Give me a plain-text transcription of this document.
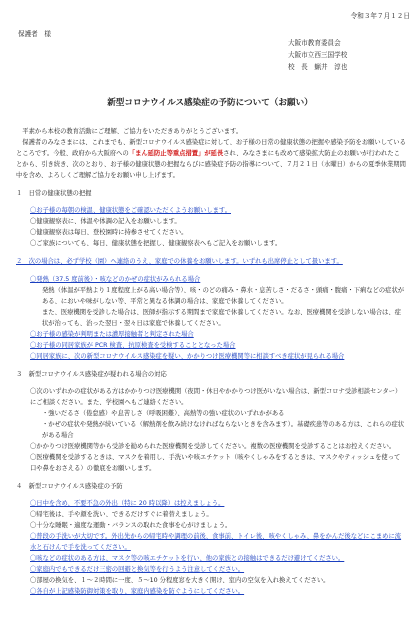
令和３年７月１２日
保護者　様
大阪市教育委員会
大阪市立西三国学校
校　長　蝋井　淳也
新型コロナウイルス感染症の予防について（お願い）

平素から本校の教育活動にご理解、ご協力をいただきありがとうございます。

保護者のみなさまには、これまでも、新型コロナウイルス感染症に対して、お子様の日常の健康状態の把握や感染予防をお願いしているところです。今般、政府から大阪府への「まん延防止等重点措置」が延長され、みなさまにも改めて感染拡大防止のお願いが行われたことから、引き続き、次のとおり、お子様の健康状態の把握ならびに感染症予防の指導について、７月２１日（水曜日）からの夏季休業期間中を含め、よろしくご理解ご協力をお願い申し上げます。

１　日常の健康状態の把握

〇お子様の毎朝の検温、健康状態をご確認いただくようお願いします。

〇健康観察表に、体温や体調の記入をお願いします。

〇健康観察表は毎日、登校園時に持参させてください。

〇ご家族についても、毎日、健康状態を把握し、健康観察表へもご記入をお願いします。

２　次の場合は、必ず学校（園）へ連絡のうえ、家庭での休養をお願いします。いずれも出席停止として扱います。

〇発熱（37.5 度前後）・咳などのかぜの症状がみられる場合

発熱（体温が平熱より１度程度上がる高い場合等）、咳・のどの痛み・鼻水・息苦しさ・だるさ・頭痛・腹痛・下痢などの症状がある、においや味がしない等、平常と異なる体調の場合は、家庭で休養してください。

また、医療機関を受診した場合は、医師が指示する期間まで家庭で休養してください。なお、医療機関を受診しない場合は、症状が治っても、治った翌日・翌々日は家庭で休養してください。

〇お子様の感染が判明または濃厚接触者と判定された場合

〇お子様の同居家族が PCR 検査、抗原検査を受検することとなった場合

〇同居家族に、次の新型コロナウイルス感染症を疑い、かかりつけ医療機関等に相談すべき症状が見られる場合

３　新型コロナウイルス感染症が疑われる場合の対応

〇次のいずれかの症状がある方はかかりつけ医療機関（夜間・休日やかかりつけ医がいない場合は、新型コロナ受診相談センター）にご相談ください。また、学校園へもご連絡ください。

・強いだるさ（倦怠感）や息苦しさ（呼吸困難）、高熱等の強い症状のいずれかがある

・かぜの症状や発熱が続いている（解熱剤を飲み続けなければならないときを含みます）。基礎疾患等のある方は、これらの症状がある場合

〇かかりつけ医療機関等から受診を勧められた医療機関を受診してください。複数の医療機関を受診することはお控えください。

〇医療機関を受診するときは、マスクを着用し、手洗いや咳エチケット（咳やくしゃみをするときは、マスクやティッシュを使って口や鼻をおさえる）の徹底をお願いします。

４　新型コロナウイルス感染症の予防

〇日中を含め、不要不急の外出（特に 20 時以降）は控えましょう。

〇帰宅後は、手や顔を洗い、できるだけすぐに着替えましょう。

〇十分な睡眠・適度な運動・バランスの取れた食事を心がけましょう。

〇普段の手洗いが大切です。外出先からの帰宅時や調理の前後、食事前、トイレ後、咳やくしゃみ、鼻をかんだ後などにこまめに流水と石けんで手を洗ってください。

〇咳などの症状のある方は、マスク等の咳エチケットを行い、他の家族との接触はできるだけ避けてください。

〇家庭内でもできるだけ三密の回避と換気等を行うよう注意してください。

〇部屋の換気を、１〜２時間に一度、５〜10 分程度窓を大きく開け、室内の空気を入れ換えてください。

〇各自が上記感染防御対策を取り、家庭内感染を防ぐようにしてください。
